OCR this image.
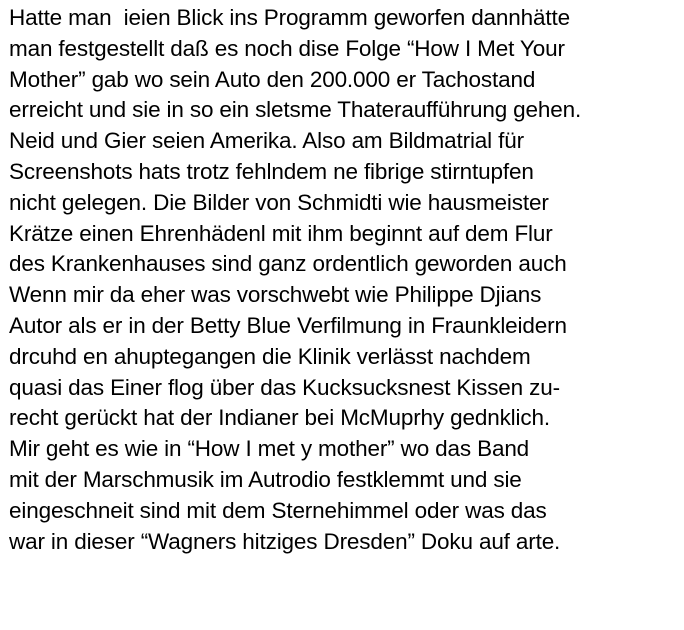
Hatte man  ieien Blick ins Programm geworfen dannhätte
man festgestellt daß es noch dise Folge “How I Met Your
Mother” gab wo sein Auto den 200.000 er Tachostand
erreicht und sie in so ein sletsme Thateraufführung gehen.
Neid und Gier seien Amerika. Also am Bildmatrial für
Screenshots hats trotz fehlndem ne fibrige stirntupfen
nicht gelegen. Die Bilder von Schmidti wie hausmeister
Krätze einen Ehrenhädenl mit ihm beginnt auf dem Flur
des Krankenhauses sind ganz ordentlich geworden auch
Wenn mir da eher was vorschwebt wie Philippe Djians
Autor als er in der Betty Blue Verfilmung in Fraunkleidern
drcuhd en ahuptegangen die Klinik verlässt nachdem
quasi das Einer flog über das Kucksucksnest Kissen zu-
recht gerückt hat der Indianer bei McMuprhy gednklich.
Mir geht es wie in “How I met y mother” wo das Band
mit der Marschmusik im Autrodio festklemmt und sie
eingeschneit sind mit dem Sternehimmel oder was das
war in dieser “Wagners hitziges Dresden” Doku auf arte.
